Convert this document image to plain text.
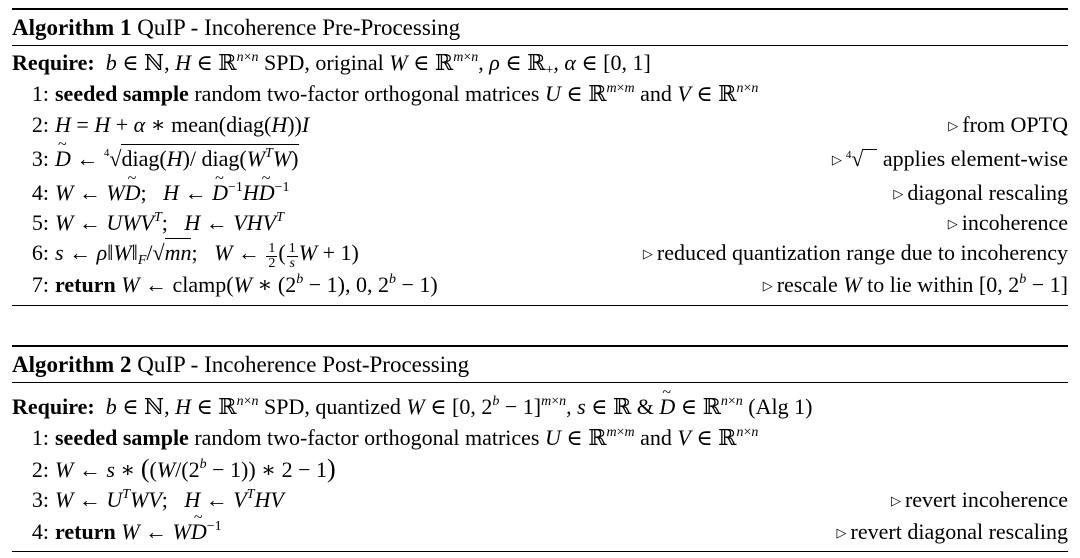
Algorithm 1 QuIP - Incoherence Pre-Processing
Require: b ∈ ℕ, H ∈ ℝ$^{n\times n}$ SPD, original W ∈ ℝ$^{m\times n}$, ρ ∈ ℝ$_+$, α ∈ [0, 1]
1: seeded sample random two-factor orthogonal matrices U ∈ ℝ$^{m\times m}$ and V ∈ ℝ$^{n\times n}$
2: H = H + α ∗ mean(diag(H))I	▷ from OPTQ
3:~ D ← $^4$√diag(H)/ $diag(W^TW)$	▷ $^4$√ applies element-wise
4: W ← W~ D;   H ← ~ $D^{-1}H\sim$ $D^{-1}$	▷ diagonal rescaling
5: W ← $UWV^T$;   H ← $VHV^T$	▷ incoherence
6: s ← $\rho‖W‖_F/√mn$;   W ← $\frac{1}{2}$ ( $\frac{1}{s}$ W + 1)	▷ reduced quantization range due to incoherency
7: return W ← clamp(W ∗ $(2^b - 1)$, 0, $2^b - 1$)	▷ rescale W to lie within [0, $2^b - 1$]
Algorithm 2 QuIP - Incoherence Post-Processing
Require: b ∈ ℕ, H ∈ ℝ$^{n\times n}$ SPD, quantized W ∈ [0, $2^b - 1]^{m\times n}$, s ∈ ℝ & ~ D ∈ ℝ$^{n\times n}$ (Alg 1)
1: seeded sample random two-factor orthogonal matrices U ∈ ℝ$^{m\times m}$ and V ∈ ℝ$^{n\times n}$
2: W ← s ∗ ($(W/(2^b - 1))$ ∗ 2 − 1)
3: W ← $U^TWV$;   H ← $V^THV$	▷ revert incoherence
4: return W ← W~ $D^{-1}$	▷ revert diagonal rescaling
